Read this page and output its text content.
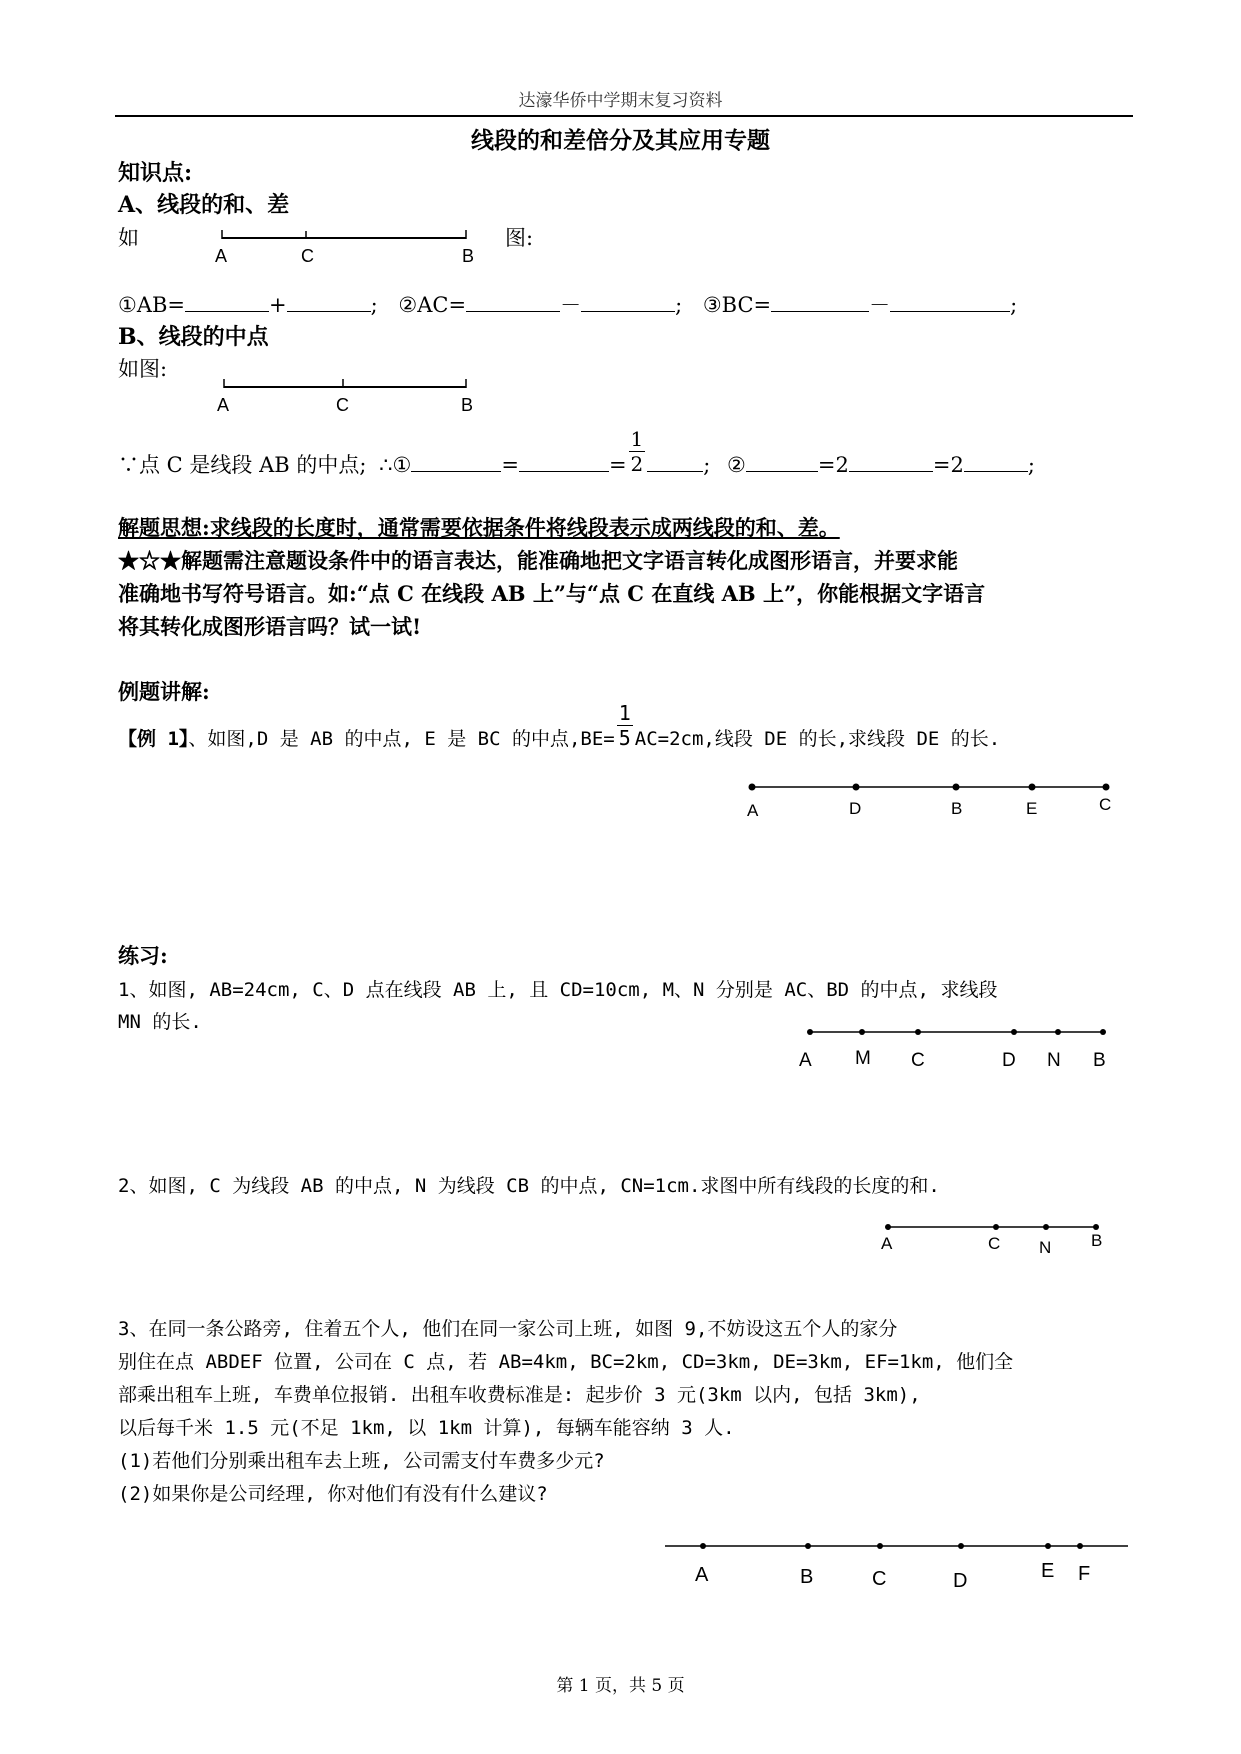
达濠华侨中学期末复习资料
线段的和差倍分及其应用专题
知识点:
A、线段的和、差
如	图:
A	C	B
①AB=	+	; ②AC=	－	; ③BC=	－	;
B、线段的中点
如图:
A	C	B
∵点 C 是线段 AB 的中点; ∴①	=	= $\frac{1}{2}$	; ②	=2	=2	;
解题思想:求线段的长度时，通常需要依据条件将线段表示成两线段的和、差。
★☆★解题需注意题设条件中的语言表达，能准确地把文字语言转化成图形语言，并要求能
准确地书写符号语言。如:“点 C 在线段 AB 上”与“点 C 在直线 AB 上”，你能根据文字语言
将其转化成图形语言吗？试一试!
例题讲解:
【例 1】、如图,D 是 AB 的中点, E 是 BC 的中点$,BE= \frac{1}{5} AC=2cm$,线段 DE 的长,求线段 DE 的长.
A	D	B	E	C
练习:
1、如图, AB=24cm, C、D 点在线段 AB 上, 且 CD=10cm, M、N 分别是 AC、BD 的中点, 求线段
MN 的长.
A M C	D N B
2、如图, C 为线段 AB 的中点, N 为线段 CB 的中点, CN=1cm.求图中所有线段的长度的和.
A	C N B
3、在同一条公路旁, 住着五个人, 他们在同一家公司上班, 如图 9,不妨设这五个人的家分
别住在点 ABDEF 位置, 公司在 C 点, 若 AB=4km, BC=2km, CD=3km, DE=3km, EF=1km, 他们全
部乘出租车上班, 车费单位报销. 出租车收费标准是: 起步价 3 元(3km 以内, 包括 3km),
以后每千米 1.5 元(不足 1km, 以 1km 计算), 每辆车能容纳 3 人.
(1)若他们分别乘出租车去上班, 公司需支付车费多少元?
(2)如果你是公司经理, 你对他们有没有什么建议?
A	B	C	D	E F
第 1 页，共 5 页
